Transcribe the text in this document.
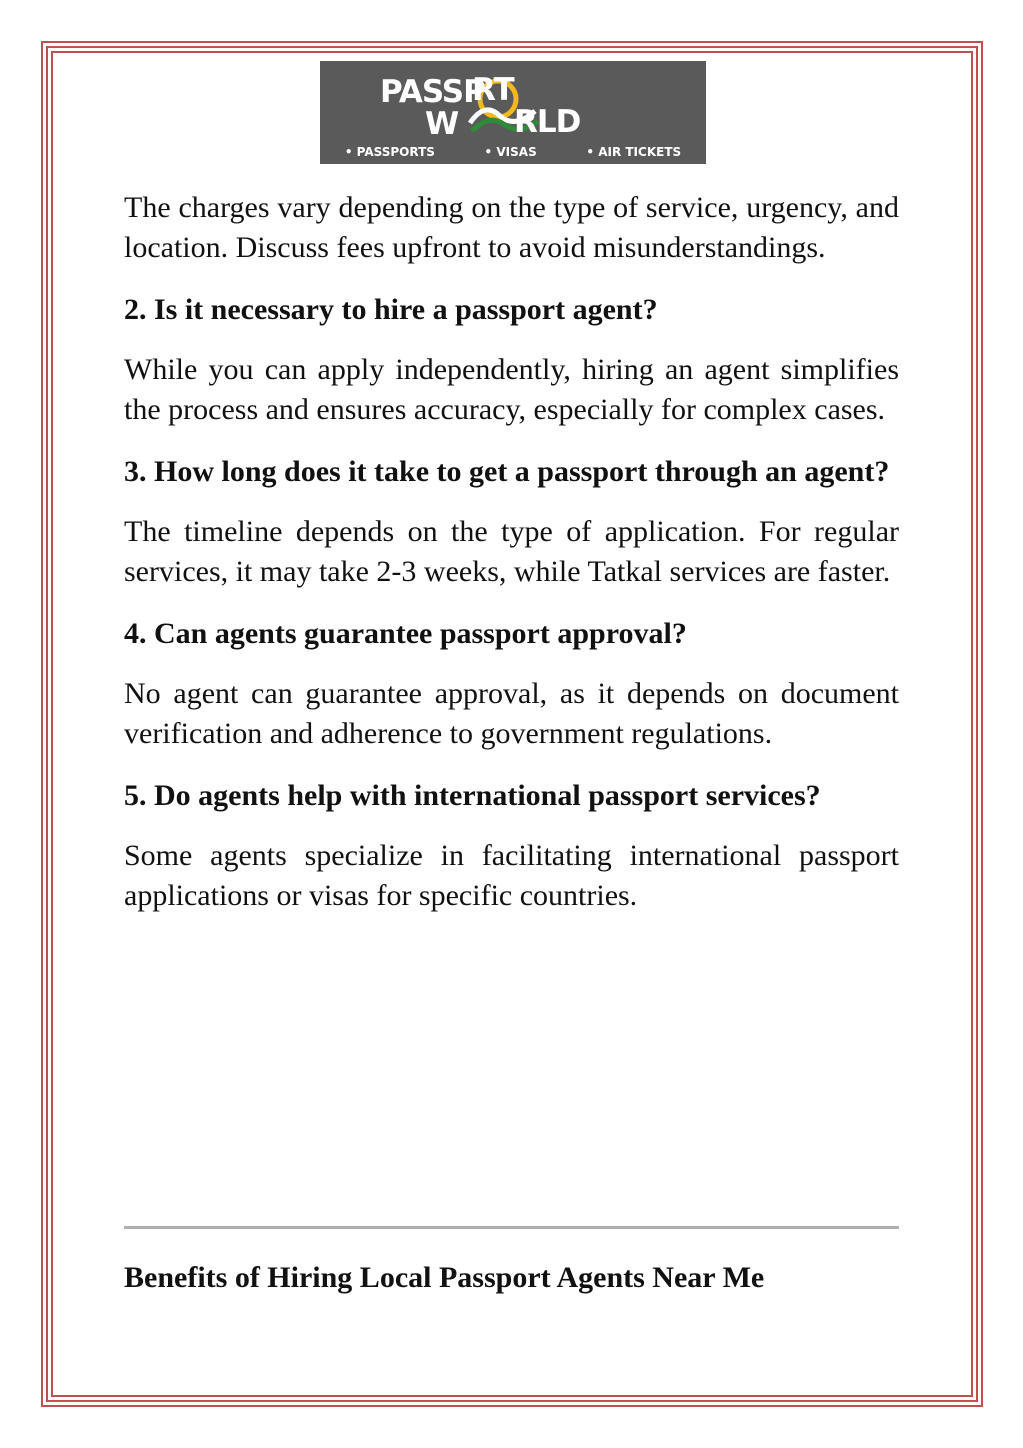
PASSP
RT
W RLD
• PASSPORTS	• VISAS	• AIR TICKETS

The charges vary depending on the type of service, urgency, and location. Discuss fees upfront to avoid misunderstandings.

2. Is it necessary to hire a passport agent?

While you can apply independently, hiring an agent simplifies the process and ensures accuracy, especially for complex cases.

3. How long does it take to get a passport through an agent?

The timeline depends on the type of application. For regular services, it may take 2-3 weeks, while Tatkal services are faster.

4. Can agents guarantee passport approval?

No agent can guarantee approval, as it depends on document verification and adherence to government regulations.

5. Do agents help with international passport services?

Some agents specialize in facilitating international passport applications or visas for specific countries.

Benefits of Hiring Local Passport Agents Near Me
